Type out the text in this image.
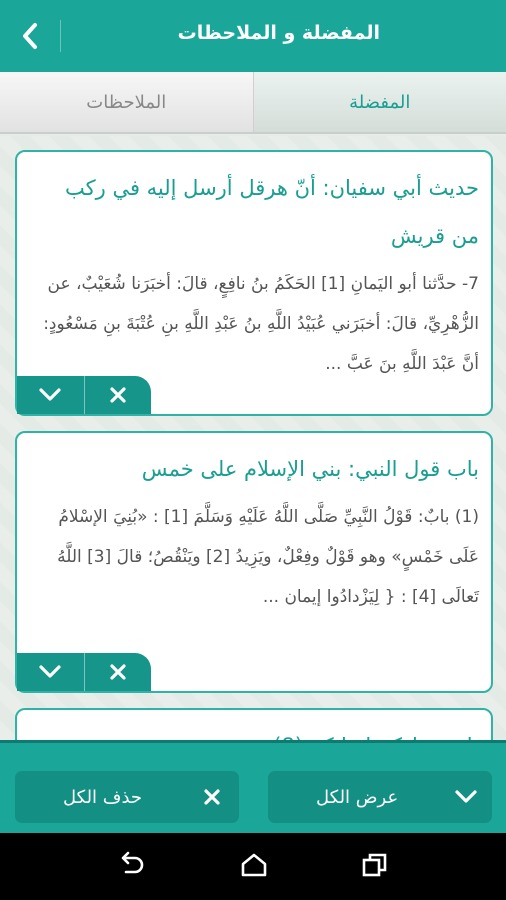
المفضلة و الملاحظات
الملاحظات	المفضلة
حديث أبي سفيان: أنّ هرقل أرسل إليه في ركب من قريش
7- حدَّثنا أبو اليَمانِ [1] الحَكَمُ بنُ نافِعٍ، قالَ: أخبَرَنا شُعَيْبٌ، عن الزُّهْرِيِّ، قالَ: أخبَرَني عُبَيْدُ اللَّهِ بنُ عَبْدِ اللَّهِ بنِ عُتْبَةَ بنِ مَسْعُودٍ: أنَّ عَبْدَ اللَّهِ بنَ عَبَّ ...
باب قول النبي: بني الإسلام على خمس
(1) بابٌ: قَوْلُ النَّبِيِّ صَلَّى اللَّهُ عَلَيْهِ وَسَلَّمَ [1] : «بُنِيَ الإسْلامُ عَلَى خَمْسٍ» وهو قَوْلٌ وفِعْلٌ، ويَزِيدُ [2] ويَنْقُصُ؛ قالَ [3] اللَّهُ تَعالَى [4] : { لِيَزْدادُوا إيمان ...
عرض الكل
حذف الكل
